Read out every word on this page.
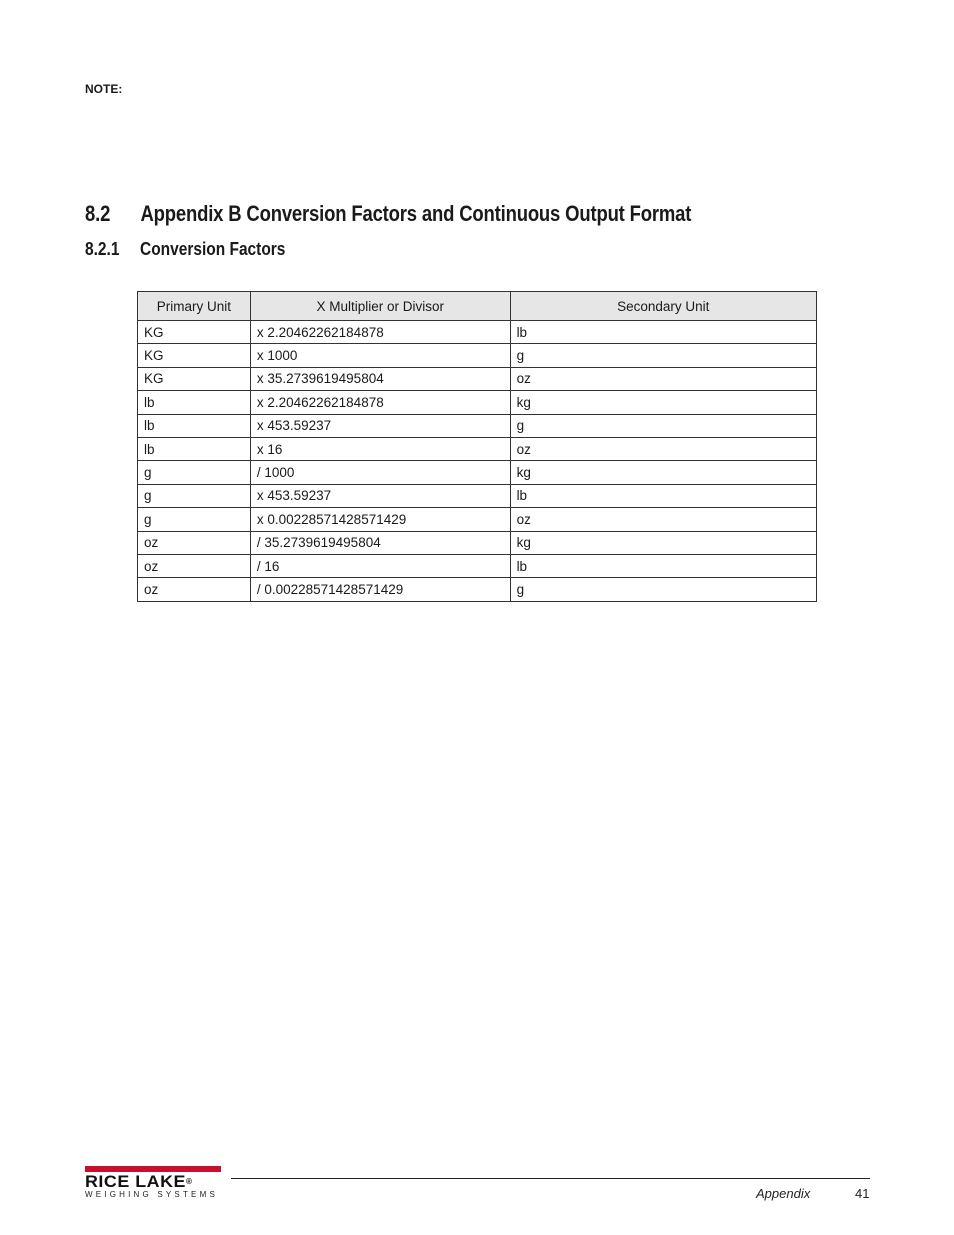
NOTE:
8.2 Appendix B Conversion Factors and Continuous Output Format
8.2.1 Conversion Factors
Primary Unit	X Multiplier or Divisor	Secondary Unit
KG	x 2.20462262184878	lb
KG	x 1000	g
KG	x 35.2739619495804	oz
lb	x 2.20462262184878	kg
lb	x 453.59237	g
lb	x 16	oz
g	/ 1000	kg
g	x 453.59237	lb
g	x 0.00228571428571429	oz
oz	/ 35.2739619495804	kg
oz	/ 16	lb
oz	/ 0.00228571428571429	g
RICE LAKE®
WEIGHING SYSTEMS	Appendix	41
